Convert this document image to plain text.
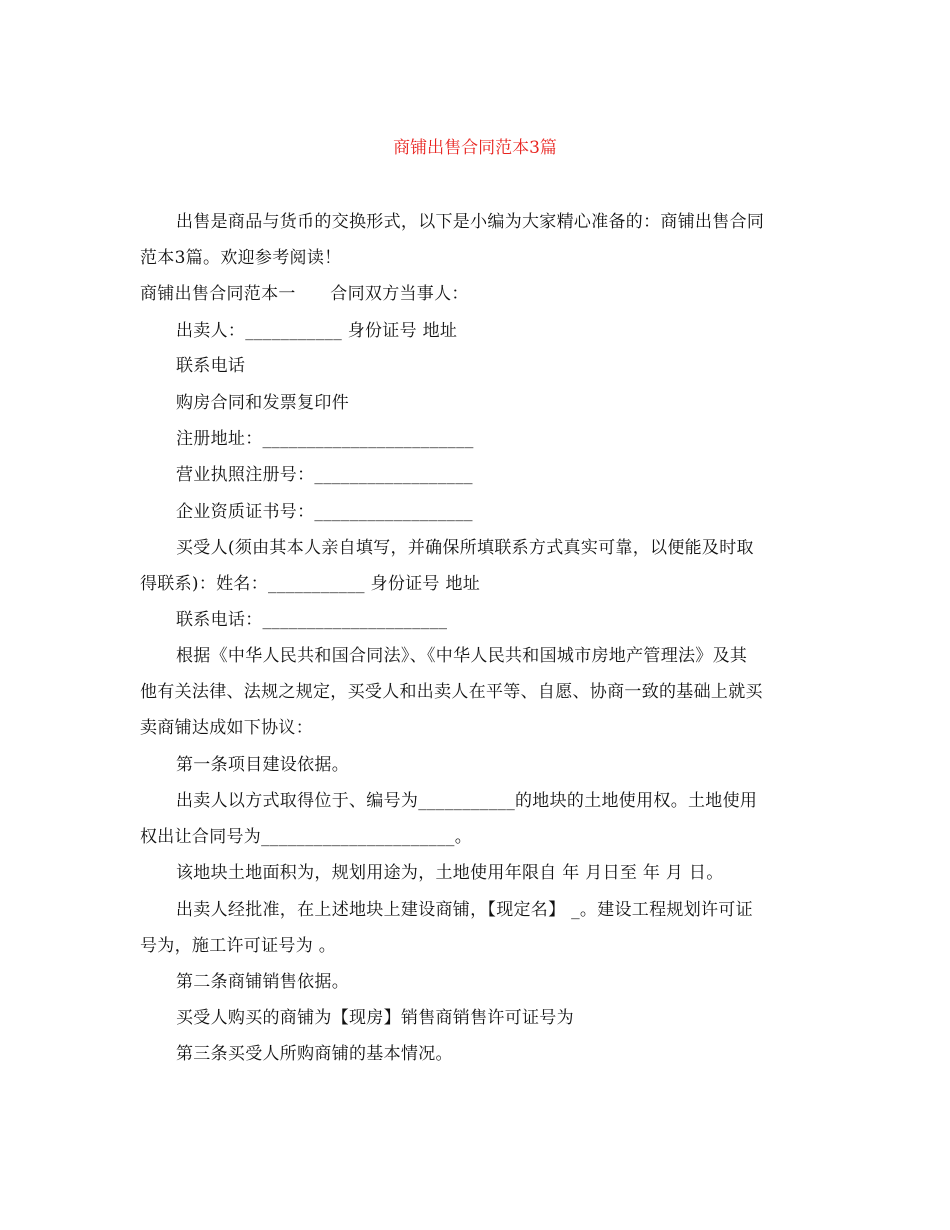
商铺出售合同范本3篇
出售是商品与货币的交换形式，以下是小编为大家精心准备的：商铺出售合同
范本3篇。欢迎参考阅读！
商铺出售合同范本一　　合同双方当事人：
出卖人：___________ 身份证号 地址
联系电话
购房合同和发票复印件
注册地址：________________________
营业执照注册号：__________________
企业资质证书号：__________________
买受人(须由其本人亲自填写，并确保所填联系方式真实可靠，以便能及时取
得联系)：姓名：___________ 身份证号 地址
联系电话：_____________________
根据《中华人民共和国合同法》、《中华人民共和国城市房地产管理法》及其
他有关法律、法规之规定，买受人和出卖人在平等、自愿、协商一致的基础上就买
卖商铺达成如下协议：
第一条项目建设依据。
出卖人以方式取得位于、编号为___________的地块的土地使用权。土地使用
权出让合同号为______________________。
该地块土地面积为，规划用途为，土地使用年限自 年 月日至 年 月 日。
出卖人经批准，在上述地块上建设商铺，【现定名】 _。建设工程规划许可证
号为，施工许可证号为 。
第二条商铺销售依据。
买受人购买的商铺为【现房】销售商销售许可证号为
第三条买受人所购商铺的基本情况。
